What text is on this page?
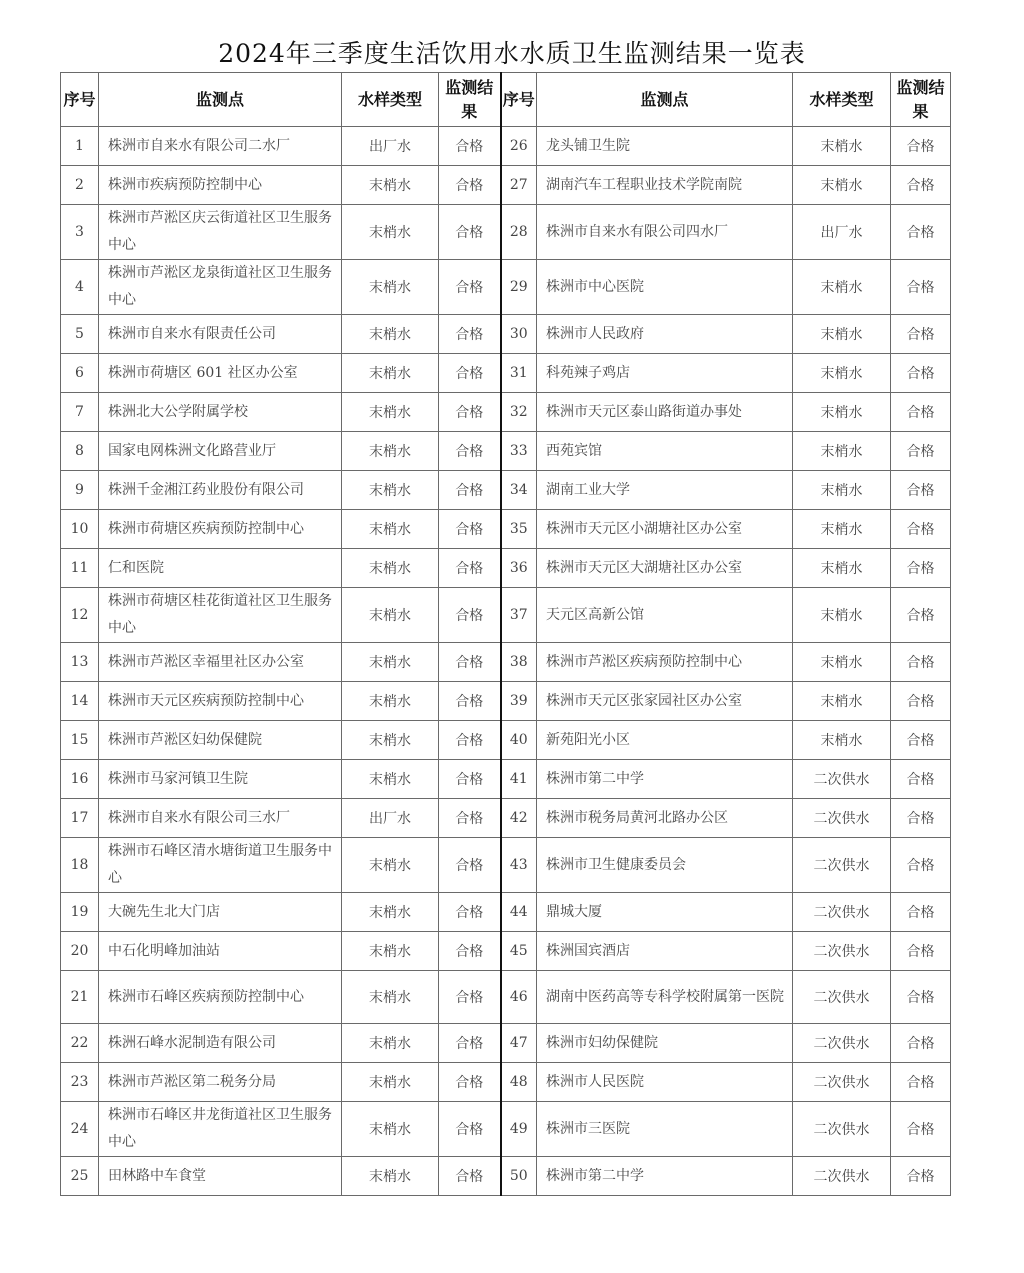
2024年三季度生活饮用水水质卫生监测结果一览表
序号	监测点	水样类型	监测结果	序号	监测点	水样类型	监测结果
1	株洲市自来水有限公司二水厂	出厂水	合格	26	龙头铺卫生院	末梢水	合格
2	株洲市疾病预防控制中心	末梢水	合格	27	湖南汽车工程职业技术学院南院	末梢水	合格
3	株洲市芦淞区庆云街道社区卫生服务中心	末梢水	合格	28	株洲市自来水有限公司四水厂	出厂水	合格
4	株洲市芦淞区龙泉街道社区卫生服务中心	末梢水	合格	29	株洲市中心医院	末梢水	合格
5	株洲市自来水有限责任公司	末梢水	合格	30	株洲市人民政府	末梢水	合格
6	株洲市荷塘区 601 社区办公室	末梢水	合格	31	科苑辣子鸡店	末梢水	合格
7	株洲北大公学附属学校	末梢水	合格	32	株洲市天元区泰山路街道办事处	末梢水	合格
8	国家电网株洲文化路营业厅	末梢水	合格	33	西苑宾馆	末梢水	合格
9	株洲千金湘江药业股份有限公司	末梢水	合格	34	湖南工业大学	末梢水	合格
10	株洲市荷塘区疾病预防控制中心	末梢水	合格	35	株洲市天元区小湖塘社区办公室	末梢水	合格
11	仁和医院	末梢水	合格	36	株洲市天元区大湖塘社区办公室	末梢水	合格
12	株洲市荷塘区桂花街道社区卫生服务中心	末梢水	合格	37	天元区高新公馆	末梢水	合格
13	株洲市芦淞区幸福里社区办公室	末梢水	合格	38	株洲市芦淞区疾病预防控制中心	末梢水	合格
14	株洲市天元区疾病预防控制中心	末梢水	合格	39	株洲市天元区张家园社区办公室	末梢水	合格
15	株洲市芦淞区妇幼保健院	末梢水	合格	40	新苑阳光小区	末梢水	合格
16	株洲市马家河镇卫生院	末梢水	合格	41	株洲市第二中学	二次供水	合格
17	株洲市自来水有限公司三水厂	出厂水	合格	42	株洲市税务局黄河北路办公区	二次供水	合格
18	株洲市石峰区清水塘街道卫生服务中心	末梢水	合格	43	株洲市卫生健康委员会	二次供水	合格
19	大碗先生北大门店	末梢水	合格	44	鼎城大厦	二次供水	合格
20	中石化明峰加油站	末梢水	合格	45	株洲国宾酒店	二次供水	合格
21	株洲市石峰区疾病预防控制中心	末梢水	合格	46	湖南中医药高等专科学校附属第一医院	二次供水	合格
22	株洲石峰水泥制造有限公司	末梢水	合格	47	株洲市妇幼保健院	二次供水	合格
23	株洲市芦淞区第二税务分局	末梢水	合格	48	株洲市人民医院	二次供水	合格
24	株洲市石峰区井龙街道社区卫生服务中心	末梢水	合格	49	株洲市三医院	二次供水	合格
25	田林路中车食堂	末梢水	合格	50	株洲市第二中学	二次供水	合格
